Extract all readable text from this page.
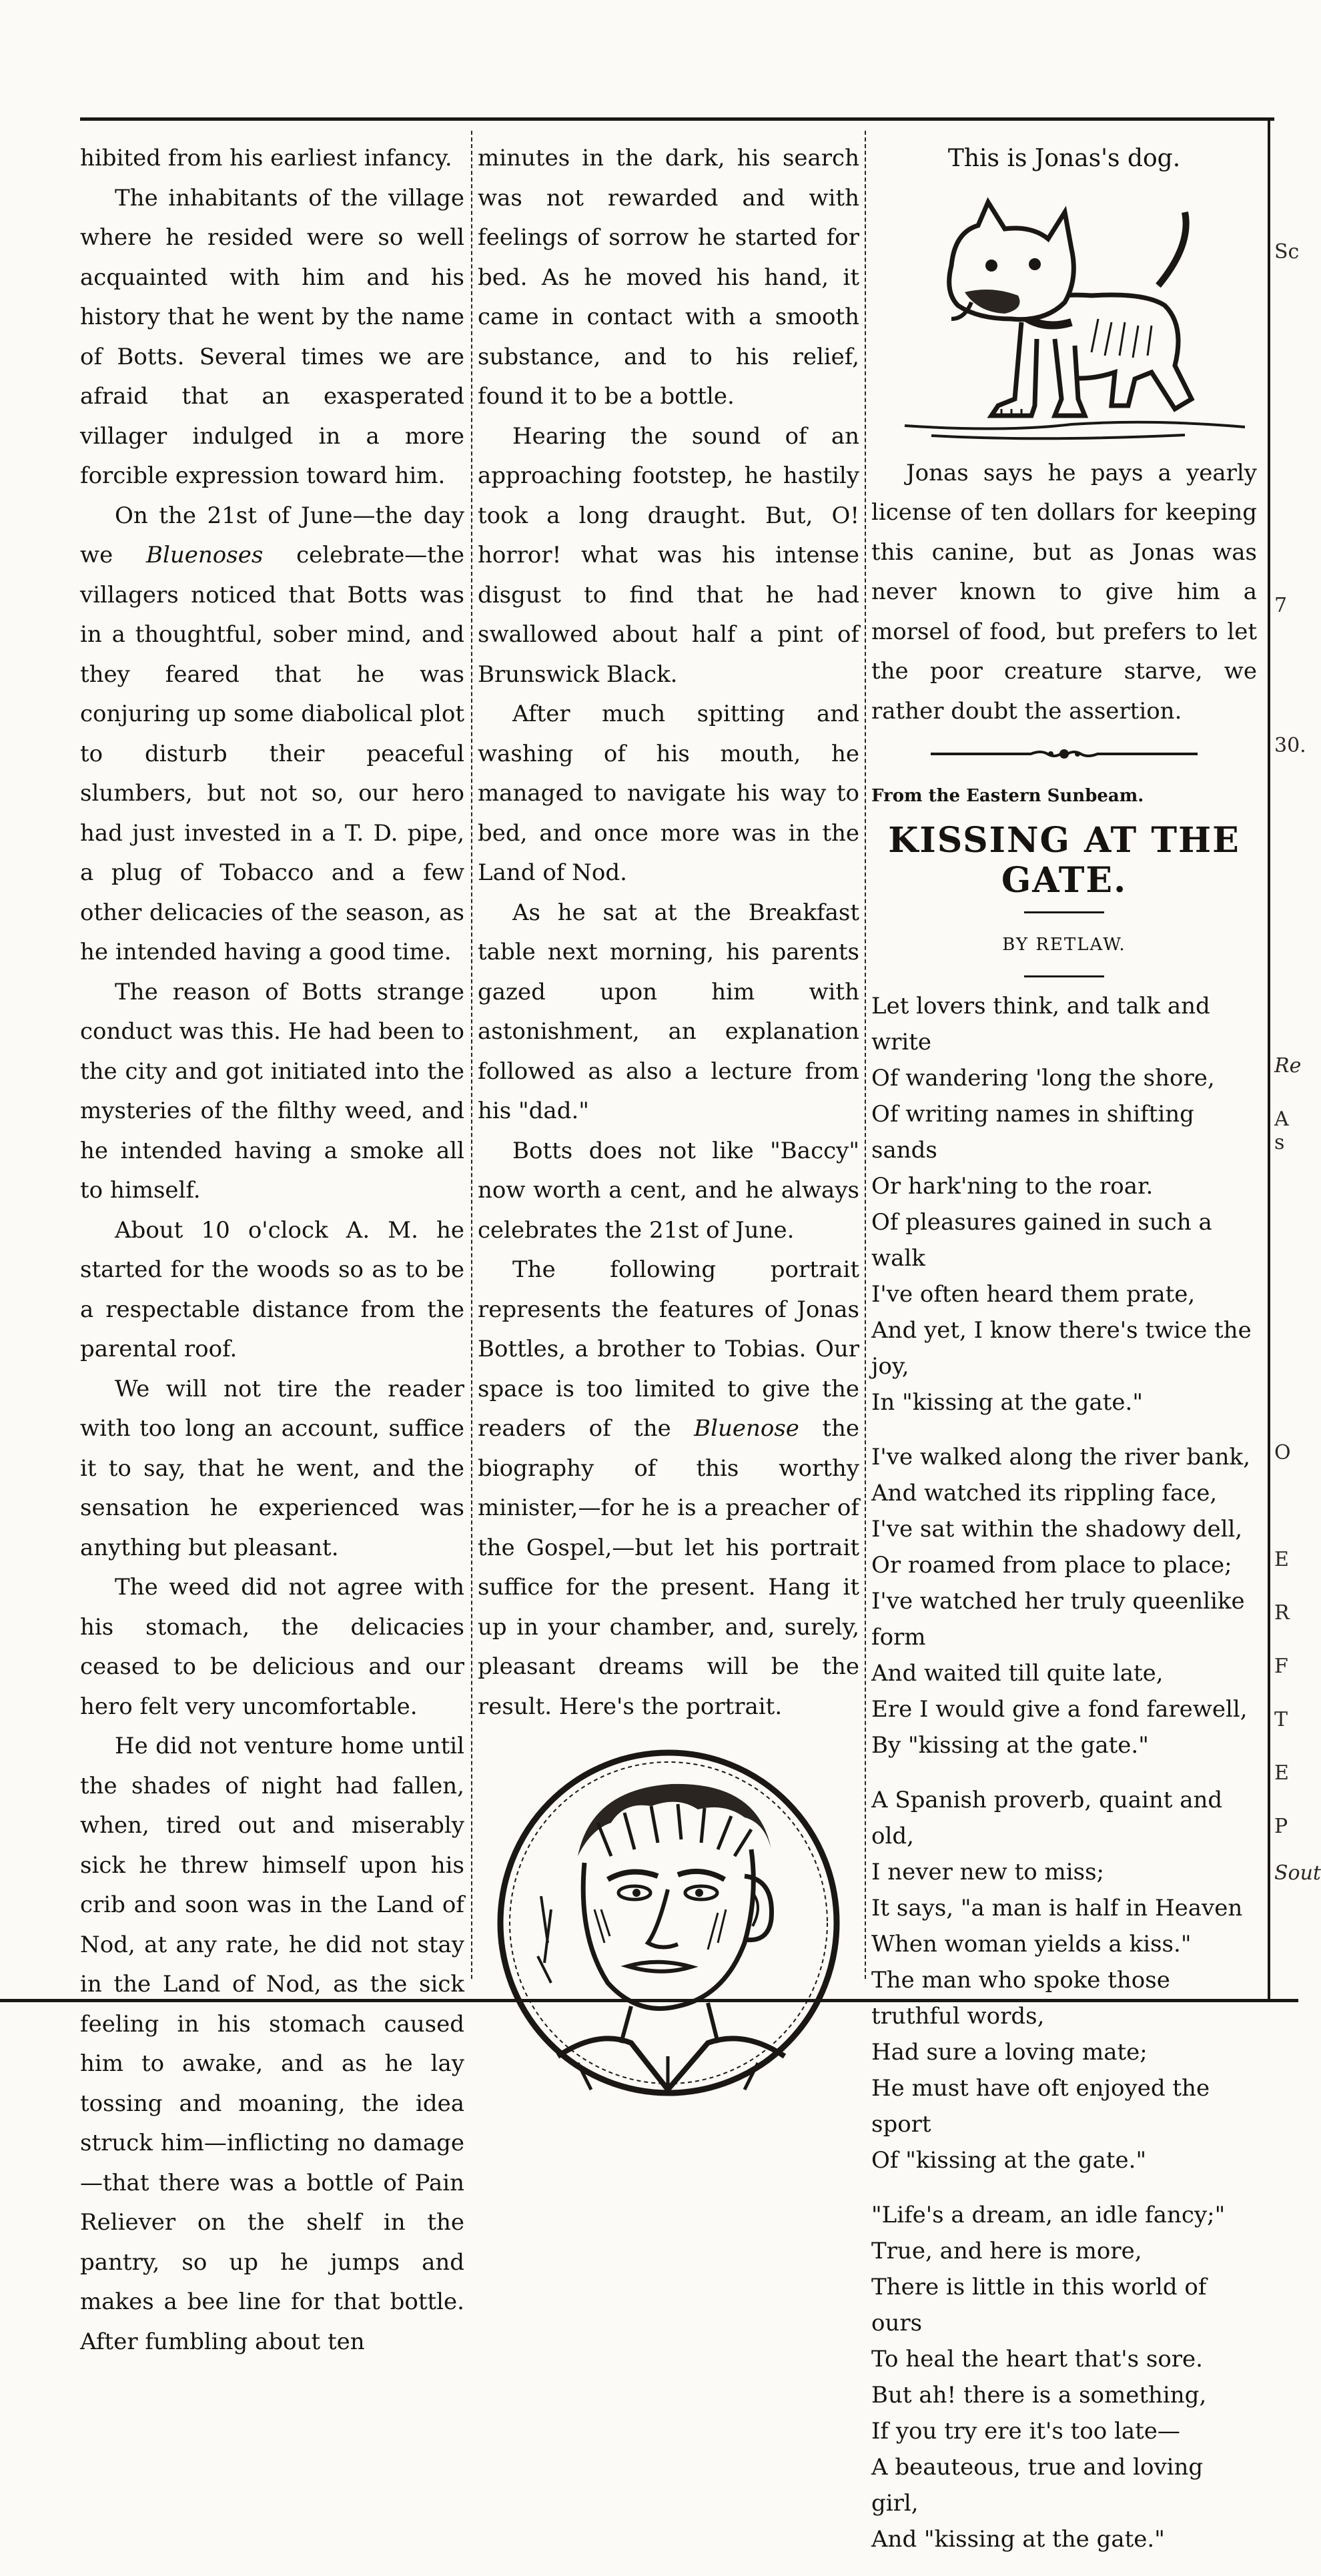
hibited from his earliest infancy.

The inhabitants of the village where he resided were so well acquainted with him and his history that he went by the name of Botts. Several times we are afraid that an exasperated villager indulged in a more forcible expression toward him.

On the 21st of June—the day we Bluenoses celebrate—the villagers noticed that Botts was in a thoughtful, sober mind, and they feared that he was conjuring up some diabolical plot to disturb their peaceful slumbers, but not so, our hero had just invested in a T. D. pipe, a plug of Tobacco and a few other delicacies of the season, as he intended having a good time.

The reason of Botts strange conduct was this. He had been to the city and got initiated into the mysteries of the filthy weed, and he intended having a smoke all to himself.

About 10 o'clock A. M. he started for the woods so as to be a respectable distance from the parental roof.

We will not tire the reader with too long an account, suffice it to say, that he went, and the sensation he experienced was anything but pleasant.

The weed did not agree with his stomach, the delicacies ceased to be delicious and our hero felt very uncomfortable.

He did not venture home until the shades of night had fallen, when, tired out and miserably sick he threw himself upon his crib and soon was in the Land of Nod, at any rate, he did not stay in the Land of Nod, as the sick feeling in his stomach caused him to awake, and as he lay tossing and moaning, the idea struck him—inflicting no damage—that there was a bottle of Pain Reliever on the shelf in the pantry, so up he jumps and makes a bee line for that bottle. After fumbling about ten

minutes in the dark, his search was not rewarded and with feelings of sorrow he started for bed. As he moved his hand, it came in contact with a smooth substance, and to his relief, found it to be a bottle.

Hearing the sound of an approaching footstep, he hastily took a long draught. But, O! horror! what was his intense disgust to find that he had swallowed about half a pint of Brunswick Black.

After much spitting and washing of his mouth, he managed to navigate his way to bed, and once more was in the Land of Nod.

As he sat at the Breakfast table next morning, his parents gazed upon him with astonishment, an explanation followed as also a lecture from his "dad."

Botts does not like "Baccy" now worth a cent, and he always celebrates the 21st of June.

The following portrait represents the features of Jonas Bottles, a brother to Tobias. Our space is too limited to give the readers of the Bluenose the biography of this worthy minister,—for he is a preacher of the Gospel,—but let his portrait suffice for the present. Hang it up in your chamber, and, surely, pleasant dreams will be the result. Here's the portrait.

This is Jonas's dog.

Jonas says he pays a yearly license of ten dollars for keeping this canine, but as Jonas was never known to give him a morsel of food, but prefers to let the poor creature starve, we rather doubt the assertion.

From the Eastern Sunbeam.
KISSING AT THE GATE.
BY RETLAW.
Let lovers think, and talk and write
Of wandering 'long the shore,
Of writing names in shifting sands
Or hark'ning to the roar.
Of pleasures gained in such a walk
I've often heard them prate,
And yet, I know there's twice the joy,
In "kissing at the gate."
I've walked along the river bank,
And watched its rippling face,
I've sat within the shadowy dell,
Or roamed from place to place;
I've watched her truly queenlike form
And waited till quite late,
Ere I would give a fond farewell,
By "kissing at the gate."
A Spanish proverb, quaint and old,
I never new to miss;
It says, "a man is half in Heaven
When woman yields a kiss."
The man who spoke those truthful words,
Had sure a loving mate;
He must have oft enjoyed the sport
Of "kissing at the gate."
"Life's a dream, an idle fancy;"
True, and here is more,
There is little in this world of ours
To heal the heart that's sore.
But ah! there is a something,
If you try ere it's too late—
A beauteous, true and loving girl,
And "kissing at the gate."
Sc
7
30.
Re
A s
O
E
R
F
T
E
P
Sout
